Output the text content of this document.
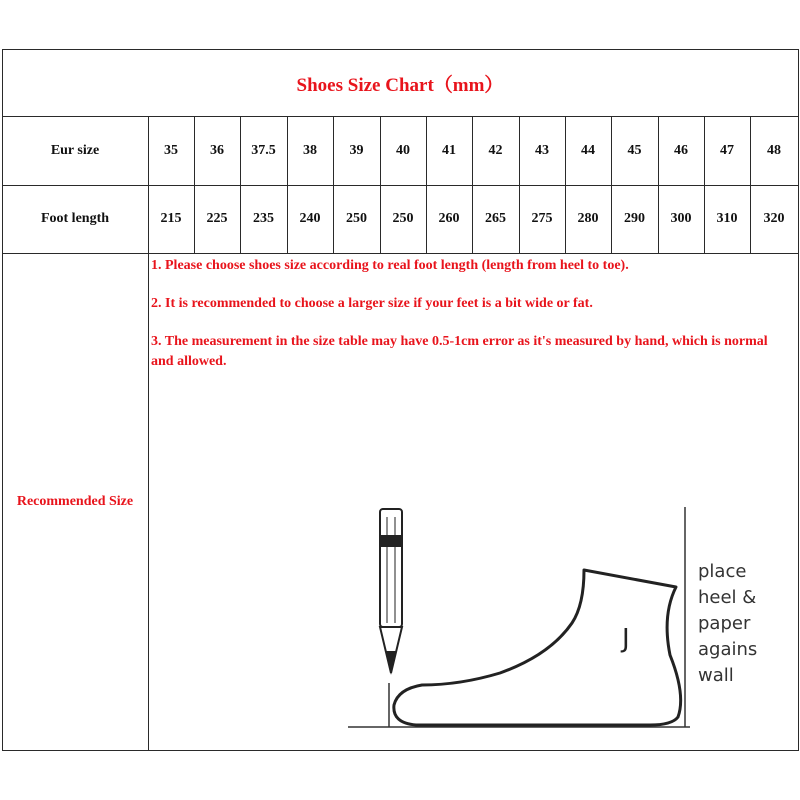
Shoes Size Chart（mm）
Eur size	35	36	37.5	38	39	40	41	42	43	44	45	46	47	48
Foot length	215	225	235	240	250	250	260	265	275	280	290	300	310	320
Recommended Size
1. Please choose shoes size according to real foot length (length from heel to toe).
2. It is recommended to choose a larger size if your feet is a bit wide or fat.
3. The measurement in the size table may have 0.5-1cm error as it's measured by hand, which is normal and allowed.
J
place heel & paper agains wall
